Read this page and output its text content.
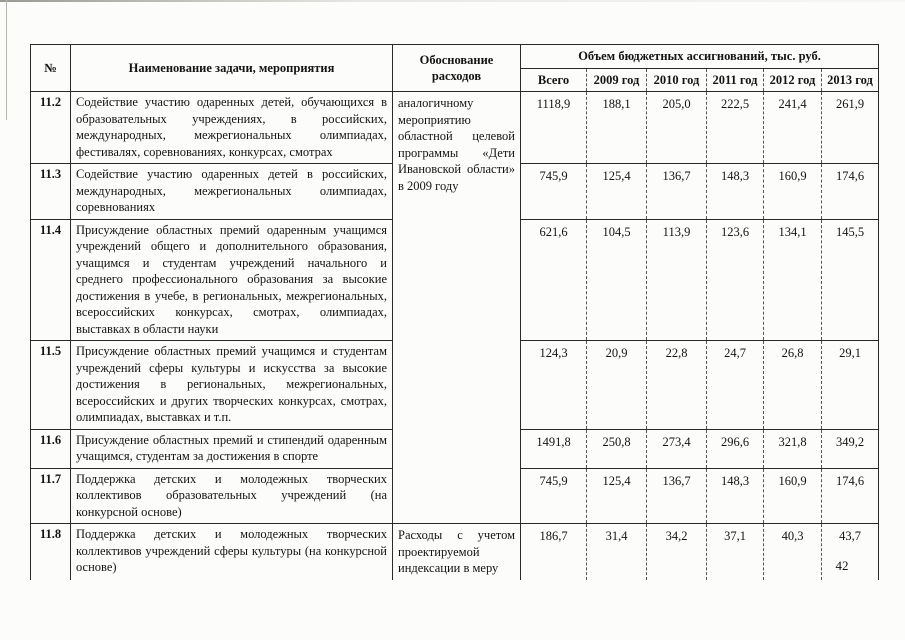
№	Наименование задачи, мероприятия	Обоснование расходов	Объем бюджетных ассигнований, тыс. руб.					
			Всего	2009 год	2010 год	2011 год	2012 год	2013 год
11.2	Содействие участию одаренных детей, обучающихся в образовательных учреждениях, в российских, международных, межрегиональных олимпиадах, фестивалях, соревнованиях, конкурсах, смотрах	аналогичному мероприятию областной целевой программы «Дети Ивановской области» в 2009 году	1118,9	188,1	205,0	222,5	241,4	261,9
11.3	Содействие участию одаренных детей в российских, международных, межрегиональных олимпиадах, соревнованиях		745,9	125,4	136,7	148,3	160,9	174,6
11.4	Присуждение областных премий одаренным учащимся учреждений общего и дополнительного образования, учащимся и студентам учреждений начального и среднего профессионального образования за высокие достижения в учебе, в региональных, межрегиональных, всероссийских конкурсах, смотрах, олимпиадах, выставках в области науки		621,6	104,5	113,9	123,6	134,1	145,5
11.5	Присуждение областных премий учащимся и студентам учреждений сферы культуры и искусства за высокие достижения в региональных, межрегиональных, всероссийских и других творческих конкурсах, смотрах, олимпиадах, выставках и т.п.		124,3	20,9	22,8	24,7	26,8	29,1
11.6	Присуждение областных премий и стипендий одаренным учащимся, студентам за достижения в спорте		1491,8	250,8	273,4	296,6	321,8	349,2
11.7	Поддержка детских и молодежных творческих коллективов образовательных учреждений (на конкурсной основе)		745,9	125,4	136,7	148,3	160,9	174,6
11.8	Поддержка детских и молодежных творческих коллективов учреждений сферы культуры (на конкурсной основе)	Расходы с учетом проектируемой индексации в меру	186,7	31,4	34,2	37,1	40,3	43,7
42
